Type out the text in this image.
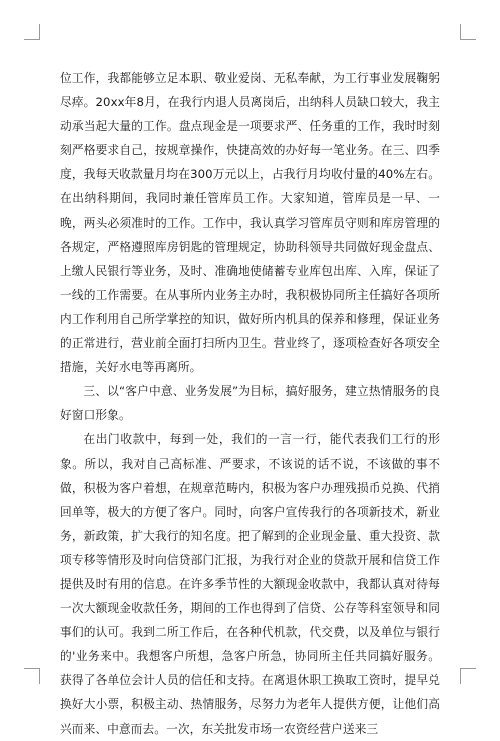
位工作，我都能够立足本职、敬业爱岗、无私奉献，为工行事业发展鞠躬尽瘁。20xx年8月，在我行内退人员离岗后，出纳科人员缺口较大，我主动承当起大量的工作。盘点现金是一项要求严、任务重的工作，我时时刻刻严格要求自己，按规章操作，快捷高效的办好每一笔业务。在三、四季度，我每天收款量月均在300万元以上，占我行月均收付量的40%左右。在出纳科期间，我同时兼任管库员工作。大家知道，管库员是一早、一晚，两头必须准时的工作。工作中，我认真学习管库员守则和库房管理的各规定，严格遵照库房钥匙的管理规定，协助科领导共同做好现金盘点、上缴人民银行等业务，及时、准确地使储蓄专业库包出库、入库，保证了一线的工作需要。在从事所内业务主办时，我积极协同所主任搞好各项所内工作利用自己所学掌控的知识，做好所内机具的保养和修理，保证业务的正常进行，营业前全面打扫所内卫生。营业终了，逐项检查好各项安全措施，关好水电等再离所。

三、以“客户中意、业务发展”为目标，搞好服务，建立热情服务的良好窗口形象。

在出门收款中，每到一处，我们的一言一行，能代表我们工行的形象。所以，我对自己高标准、严要求，不该说的话不说，不该做的事不做，积极为客户着想，在规章范畴内，积极为客户办理残损币兑换、代捎回单等，极大的方便了客户。同时，向客户宣传我行的各项新技术，新业务，新政策，扩大我行的知名度。把了解到的企业现金量、重大投资、款项专移等情形及时向信贷部门汇报，为我行对企业的贷款开展和信贷工作提供及时有用的信息。在许多季节性的大额现金收款中，我都认真对待每一次大额现金收款任务，期间的工作也得到了信贷、公存等科室领导和同事们的认可。我到二所工作后，在各种代机款，代交费，以及单位与银行的'业务来中。我想客户所想，急客户所急，协同所主任共同搞好服务。获得了各单位会计人员的信任和支持。在离退休职工换取工资时，提早兑换好大小票，积极主动、热情服务，尽努力为老年人提供方便，让他们高兴而来、中意而去。一次，东关批发市场一农资经营户送来三
